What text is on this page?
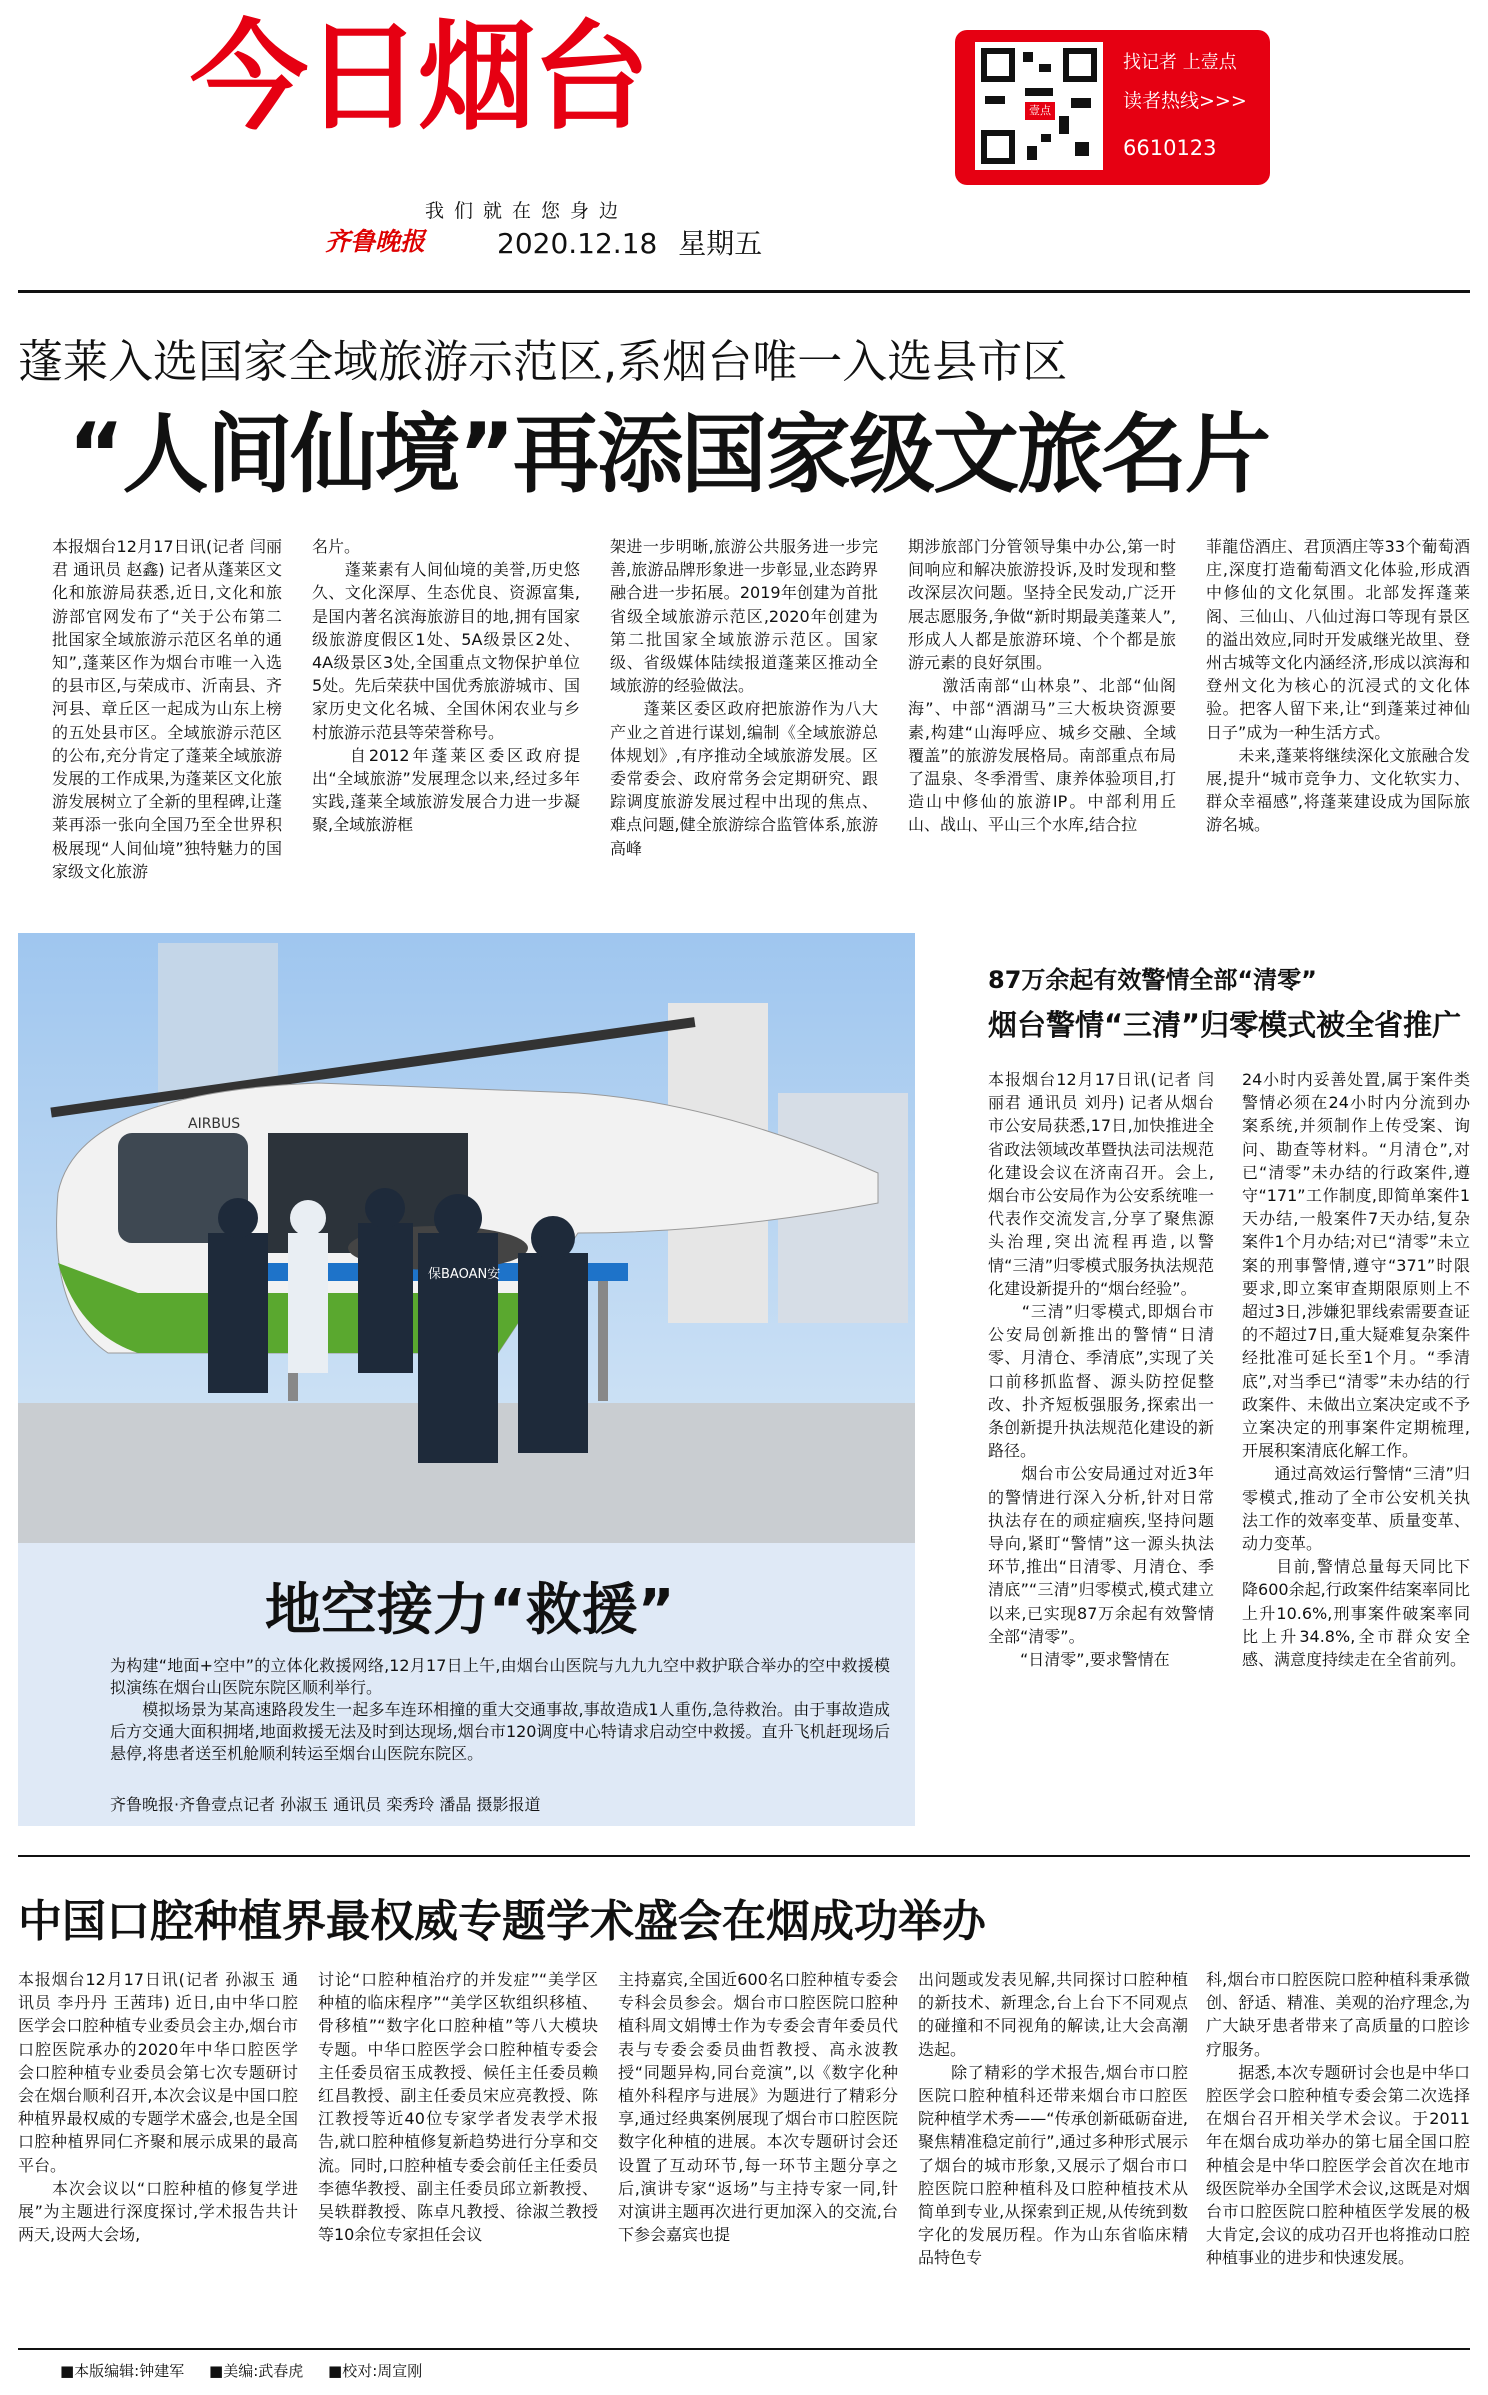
今日烟台
我们就在您身边
齐鲁晚报	2020.12.18 星期五
壹点
找记者 上壹点
读者热线>>>
6610123
蓬莱入选国家全域旅游示范区,系烟台唯一入选县市区
“人间仙境”再添国家级文旅名片
本报烟台12月17日讯(记者 闫丽君 通讯员 赵鑫) 记者从蓬莱区文化和旅游局获悉,近日,文化和旅游部官网发布了“关于公布第二批国家全域旅游示范区名单的通知”,蓬莱区作为烟台市唯一入选的县市区,与荣成市、沂南县、齐河县、章丘区一起成为山东上榜的五处县市区。全域旅游示范区的公布,充分肯定了蓬莱全域旅游发展的工作成果,为蓬莱区文化旅游发展树立了全新的里程碑,让蓬莱再添一张向全国乃至全世界积极展现“人间仙境”独特魅力的国家级文化旅游
名片。
　　蓬莱素有人间仙境的美誉,历史悠久、文化深厚、生态优良、资源富集,是国内著名滨海旅游目的地,拥有国家级旅游度假区1处、5A级景区2处、4A级景区3处,全国重点文物保护单位5处。先后荣获中国优秀旅游城市、国家历史文化名城、全国休闲农业与乡村旅游示范县等荣誉称号。
　　自2012年蓬莱区委区政府提出“全域旅游”发展理念以来,经过多年实践,蓬莱全域旅游发展合力进一步凝聚,全域旅游框
架进一步明晰,旅游公共服务进一步完善,旅游品牌形象进一步彰显,业态跨界融合进一步拓展。2019年创建为首批省级全域旅游示范区,2020年创建为第二批国家全域旅游示范区。国家级、省级媒体陆续报道蓬莱区推动全域旅游的经验做法。
　　蓬莱区委区政府把旅游作为八大产业之首进行谋划,编制《全域旅游总体规划》,有序推动全域旅游发展。区委常委会、政府常务会定期研究、跟踪调度旅游发展过程中出现的焦点、难点问题,健全旅游综合监管体系,旅游高峰
期涉旅部门分管领导集中办公,第一时间响应和解决旅游投诉,及时发现和整改深层次问题。坚持全民发动,广泛开展志愿服务,争做“新时期最美蓬莱人”,形成人人都是旅游环境、个个都是旅游元素的良好氛围。
　　激活南部“山林泉”、北部“仙阁海”、中部“酒湖马”三大板块资源要素,构建“山海呼应、城乡交融、全域覆盖”的旅游发展格局。南部重点布局了温泉、冬季滑雪、康养体验项目,打造山中修仙的旅游IP。中部利用丘山、战山、平山三个水库,结合拉
菲龍岱酒庄、君顶酒庄等33个葡萄酒庄,深度打造葡萄酒文化体验,形成酒中修仙的文化氛围。北部发挥蓬莱阁、三仙山、八仙过海口等现有景区的溢出效应,同时开发戚继光故里、登州古城等文化内涵经济,形成以滨海和登州文化为核心的沉浸式的文化体验。把客人留下来,让“到蓬莱过神仙日子”成为一种生活方式。
　　未来,蓬莱将继续深化文旅融合发展,提升“城市竞争力、文化软实力、群众幸福感”,将蓬莱建设成为国际旅游名城。
保BAOAN安
AIRBUS
地空接力“救援”
为构建“地面+空中”的立体化救援网络,12月17日上午,由烟台山医院与九九九空中救护联合举办的空中救援模拟演练在烟台山医院东院区顺利举行。
　　模拟场景为某高速路段发生一起多车连环相撞的重大交通事故,事故造成1人重伤,急待救治。由于事故造成后方交通大面积拥堵,地面救援无法及时到达现场,烟台市120调度中心特请求启动空中救援。直升飞机赶现场后悬停,将患者送至机舱顺利转运至烟台山医院东院区。
齐鲁晚报·齐鲁壹点记者 孙淑玉 通讯员 栾秀玲 潘晶 摄影报道
87万余起有效警情全部“清零”
烟台警情“三清”归零模式被全省推广
本报烟台12月17日讯(记者 闫丽君 通讯员 刘丹) 记者从烟台市公安局获悉,17日,加快推进全省政法领域改革暨执法司法规范化建设会议在济南召开。会上,烟台市公安局作为公安系统唯一代表作交流发言,分享了聚焦源头治理,突出流程再造,以警情“三清”归零模式服务执法规范化建设新提升的“烟台经验”。
　　“三清”归零模式,即烟台市公安局创新推出的警情“日清零、月清仓、季清底”,实现了关口前移抓监督、源头防控促整改、扑齐短板强服务,探索出一条创新提升执法规范化建设的新路径。
　　烟台市公安局通过对近3年的警情进行深入分析,针对日常执法存在的顽症痼疾,坚持问题导向,紧盯“警情”这一源头执法环节,推出“日清零、月清仓、季清底”“三清”归零模式,模式建立以来,已实现87万余起有效警情全部“清零”。
　　“日清零”,要求警情在
24小时内妥善处置,属于案件类警情必须在24小时内分流到办案系统,并须制作上传受案、询问、勘查等材料。“月清仓”,对已“清零”未办结的行政案件,遵守“171”工作制度,即简单案件1天办结,一般案件7天办结,复杂案件1个月办结;对已“清零”未立案的刑事警情,遵守“371”时限要求,即立案审查期限原则上不超过3日,涉嫌犯罪线索需要查证的不超过7日,重大疑难复杂案件经批准可延长至1个月。“季清底”,对当季已“清零”未办结的行政案件、未做出立案决定或不予立案决定的刑事案件定期梳理,开展积案清底化解工作。
　　通过高效运行警情“三清”归零模式,推动了全市公安机关执法工作的效率变革、质量变革、动力变革。
　　目前,警情总量每天同比下降600余起,行政案件结案率同比上升10.6%,刑事案件破案率同比上升34.8%,全市群众安全感、满意度持续走在全省前列。
中国口腔种植界最权威专题学术盛会在烟成功举办
本报烟台12月17日讯(记者 孙淑玉 通讯员 李丹丹 王茜玮) 近日,由中华口腔医学会口腔种植专业委员会主办,烟台市口腔医院承办的2020年中华口腔医学会口腔种植专业委员会第七次专题研讨会在烟台顺利召开,本次会议是中国口腔种植界最权威的专题学术盛会,也是全国口腔种植界同仁齐聚和展示成果的最高平台。
　　本次会议以“口腔种植的修复学进展”为主题进行深度探讨,学术报告共计两天,设两大会场,
讨论“口腔种植治疗的并发症”“美学区种植的临床程序”“美学区软组织移植、骨移植”“数字化口腔种植”等八大模块专题。中华口腔医学会口腔种植专委会主任委员宿玉成教授、候任主任委员赖红昌教授、副主任委员宋应亮教授、陈江教授等近40位专家学者发表学术报告,就口腔种植修复新趋势进行分享和交流。同时,口腔种植专委会前任主任委员李德华教授、副主任委员邱立新教授、吴轶群教授、陈卓凡教授、徐淑兰教授等10余位专家担任会议
主持嘉宾,全国近600名口腔种植专委会专科会员参会。烟台市口腔医院口腔种植科周文娟博士作为专委会青年委员代表与专委会委员曲哲教授、高永波教授“同题异构,同台竞演”,以《数字化种植外科程序与进展》为题进行了精彩分享,通过经典案例展现了烟台市口腔医院数字化种植的进展。本次专题研讨会还设置了互动环节,每一环节主题分享之后,演讲专家“返场”与主持专家一同,针对演讲主题再次进行更加深入的交流,台下参会嘉宾也提
出问题或发表见解,共同探讨口腔种植的新技术、新理念,台上台下不同观点的碰撞和不同视角的解读,让大会高潮迭起。
　　除了精彩的学术报告,烟台市口腔医院口腔种植科还带来烟台市口腔医院种植学术秀——“传承创新砥砺奋进,聚焦精准稳定前行”,通过多种形式展示了烟台的城市形象,又展示了烟台市口腔医院口腔种植科及口腔种植技术从简单到专业,从探索到正规,从传统到数字化的发展历程。作为山东省临床精品特色专
科,烟台市口腔医院口腔种植科秉承微创、舒适、精准、美观的治疗理念,为广大缺牙患者带来了高质量的口腔诊疗服务。
　　据悉,本次专题研讨会也是中华口腔医学会口腔种植专委会第二次选择在烟台召开相关学术会议。于2011年在烟台成功举办的第七届全国口腔种植会是中华口腔医学会首次在地市级医院举办全国学术会议,这既是对烟台市口腔医院口腔种植医学发展的极大肯定,会议的成功召开也将推动口腔种植事业的进步和快速发展。
■本版编辑:钟建军 ■美编:武春虎 ■校对:周宣刚
